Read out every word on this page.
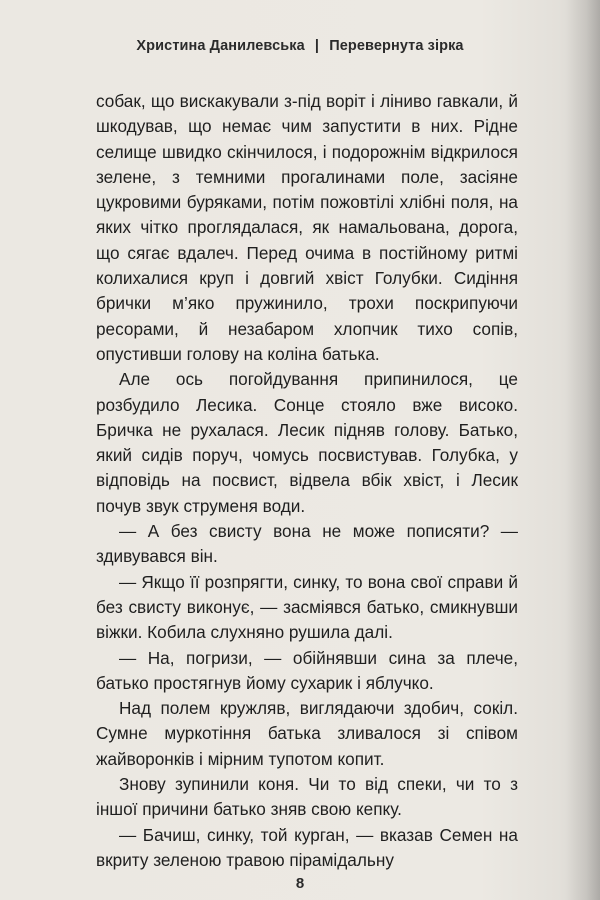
Христина Данилевська | Перевернута зірка

собак, що вискакували з-під воріт і ліниво гавкали, й шкодував, що немає чим запустити в них. Рідне селище швидко скінчилося, і подорожнім відкрилося зелене, з темними прогалинами поле, засіяне цукровими буряками, потім пожовтілі хлібні поля, на яких чітко проглядалася, як намальована, дорога, що сягає вдалеч. Перед очима в постійному ритмі колихалися круп і довгий хвіст Голубки. Сидіння брички м’яко пружинило, трохи поскрипуючи ресорами, й незабаром хлопчик тихо сопів, опустивши голову на коліна батька.

Але ось погойдування припинилося, це розбудило Лесика. Сонце стояло вже високо. Бричка не рухалася. Лесик підняв голову. Батько, який сидів поруч, чомусь посвистував. Голубка, у відповідь на посвист, відвела вбік хвіст, і Лесик почув звук струменя води.

— А без свисту вона не може пописяти? — здивувався він.

— Якщо її розпрягти, синку, то вона свої справи й без свисту виконує, — засміявся батько, смикнувши віжки. Кобила слухняно рушила далі.

— На, погризи, — обійнявши сина за плече, батько простягнув йому сухарик і яблучко.

Над полем кружляв, виглядаючи здобич, сокіл. Сумне муркотіння батька зливалося зі співом жайворонків і мірним тупотом копит.

Знову зупинили коня. Чи то від спеки, чи то з іншої причини батько зняв свою кепку.

— Бачиш, синку, той курган, — вказав Семен на вкриту зеленою травою пірамідальну

8
